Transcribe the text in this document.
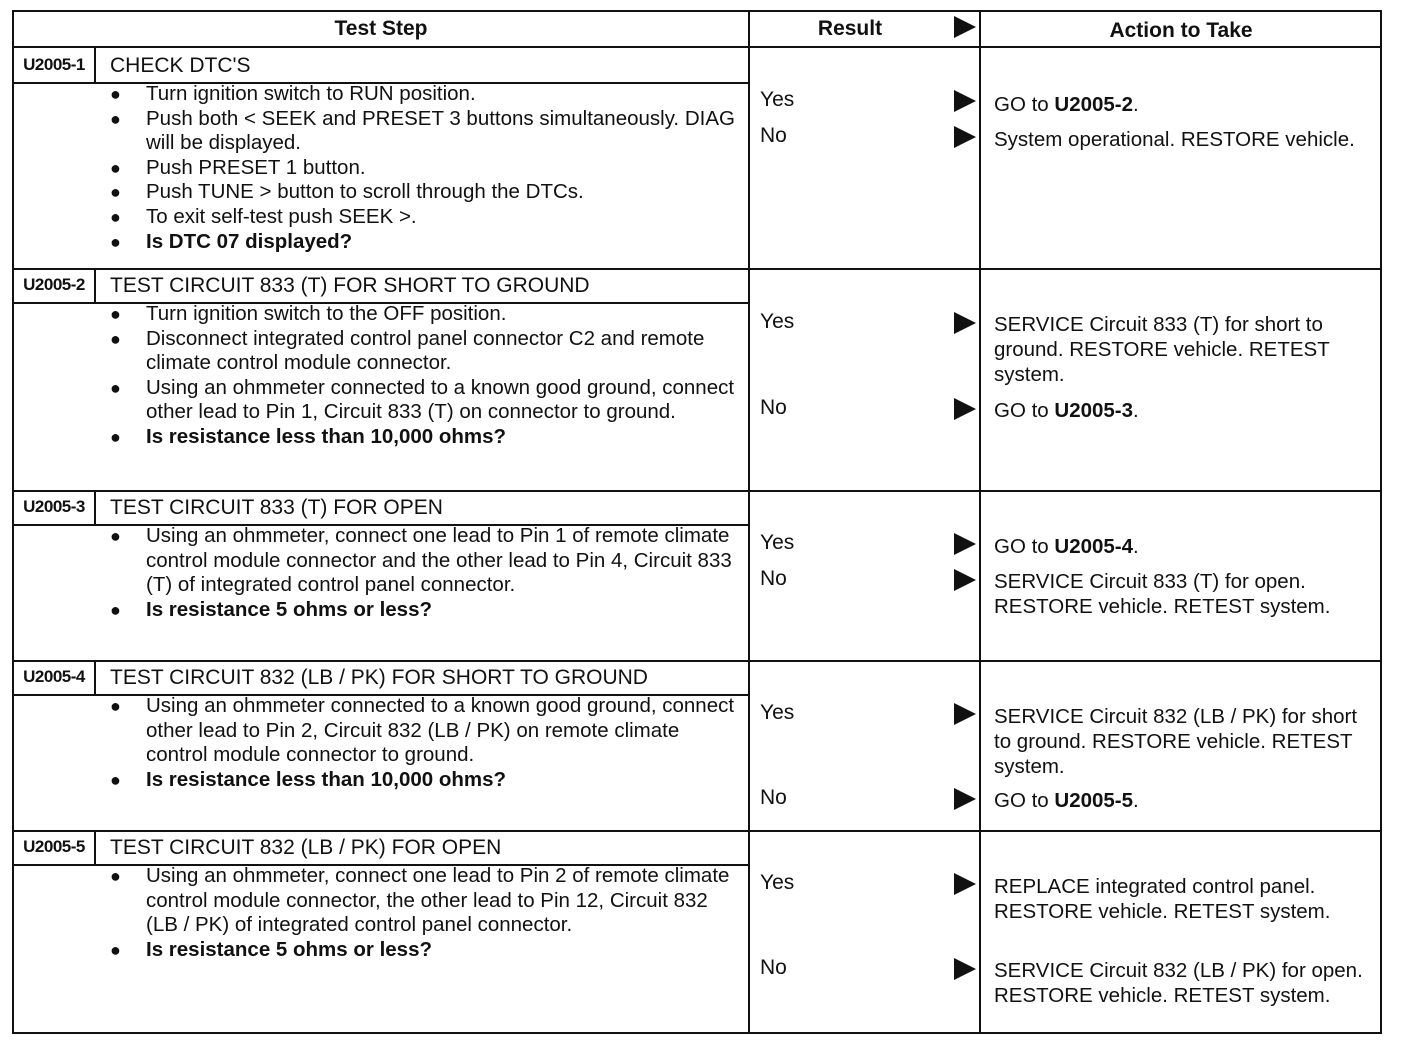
Test Step	Result	Action to Take
U2005-1	CHECK DTC'S
● Turn ignition switch to RUN position.
● Push both < SEEK and PRESET 3 buttons simultaneously. DIAG will be displayed.
● Push PRESET 1 button.
● Push TUNE > button to scroll through the DTCs.
● To exit self-test push SEEK >.
● Is DTC 07 displayed?
Yes	GO to U2005-2.
No	System operational. RESTORE vehicle.
U2005-2	TEST CIRCUIT 833 (T) FOR SHORT TO GROUND
● Turn ignition switch to the OFF position.
● Disconnect integrated control panel connector C2 and remote climate control module connector.
● Using an ohmmeter connected to a known good ground, connect other lead to Pin 1, Circuit 833 (T) on connector to ground.
● Is resistance less than 10,000 ohms?
Yes	SERVICE Circuit 833 (T) for short to ground. RESTORE vehicle. RETEST system.
No	GO to U2005-3.
U2005-3	TEST CIRCUIT 833 (T) FOR OPEN
● Using an ohmmeter, connect one lead to Pin 1 of remote climate control module connector and the other lead to Pin 4, Circuit 833 (T) of integrated control panel connector.
● Is resistance 5 ohms or less?
Yes	GO to U2005-4.
No	SERVICE Circuit 833 (T) for open. RESTORE vehicle. RETEST system.
U2005-4	TEST CIRCUIT 832 (LB / PK) FOR SHORT TO GROUND
● Using an ohmmeter connected to a known good ground, connect other lead to Pin 2, Circuit 832 (LB / PK) on remote climate control module connector to ground.
● Is resistance less than 10,000 ohms?
Yes	SERVICE Circuit 832 (LB / PK) for short to ground. RESTORE vehicle. RETEST system.
No	GO to U2005-5.
U2005-5	TEST CIRCUIT 832 (LB / PK) FOR OPEN
● Using an ohmmeter, connect one lead to Pin 2 of remote climate control module connector, the other lead to Pin 12, Circuit 832 (LB / PK) of integrated control panel connector.
● Is resistance 5 ohms or less?
Yes	REPLACE integrated control panel. RESTORE vehicle. RETEST system.
No	SERVICE Circuit 832 (LB / PK) for open. RESTORE vehicle. RETEST system.
